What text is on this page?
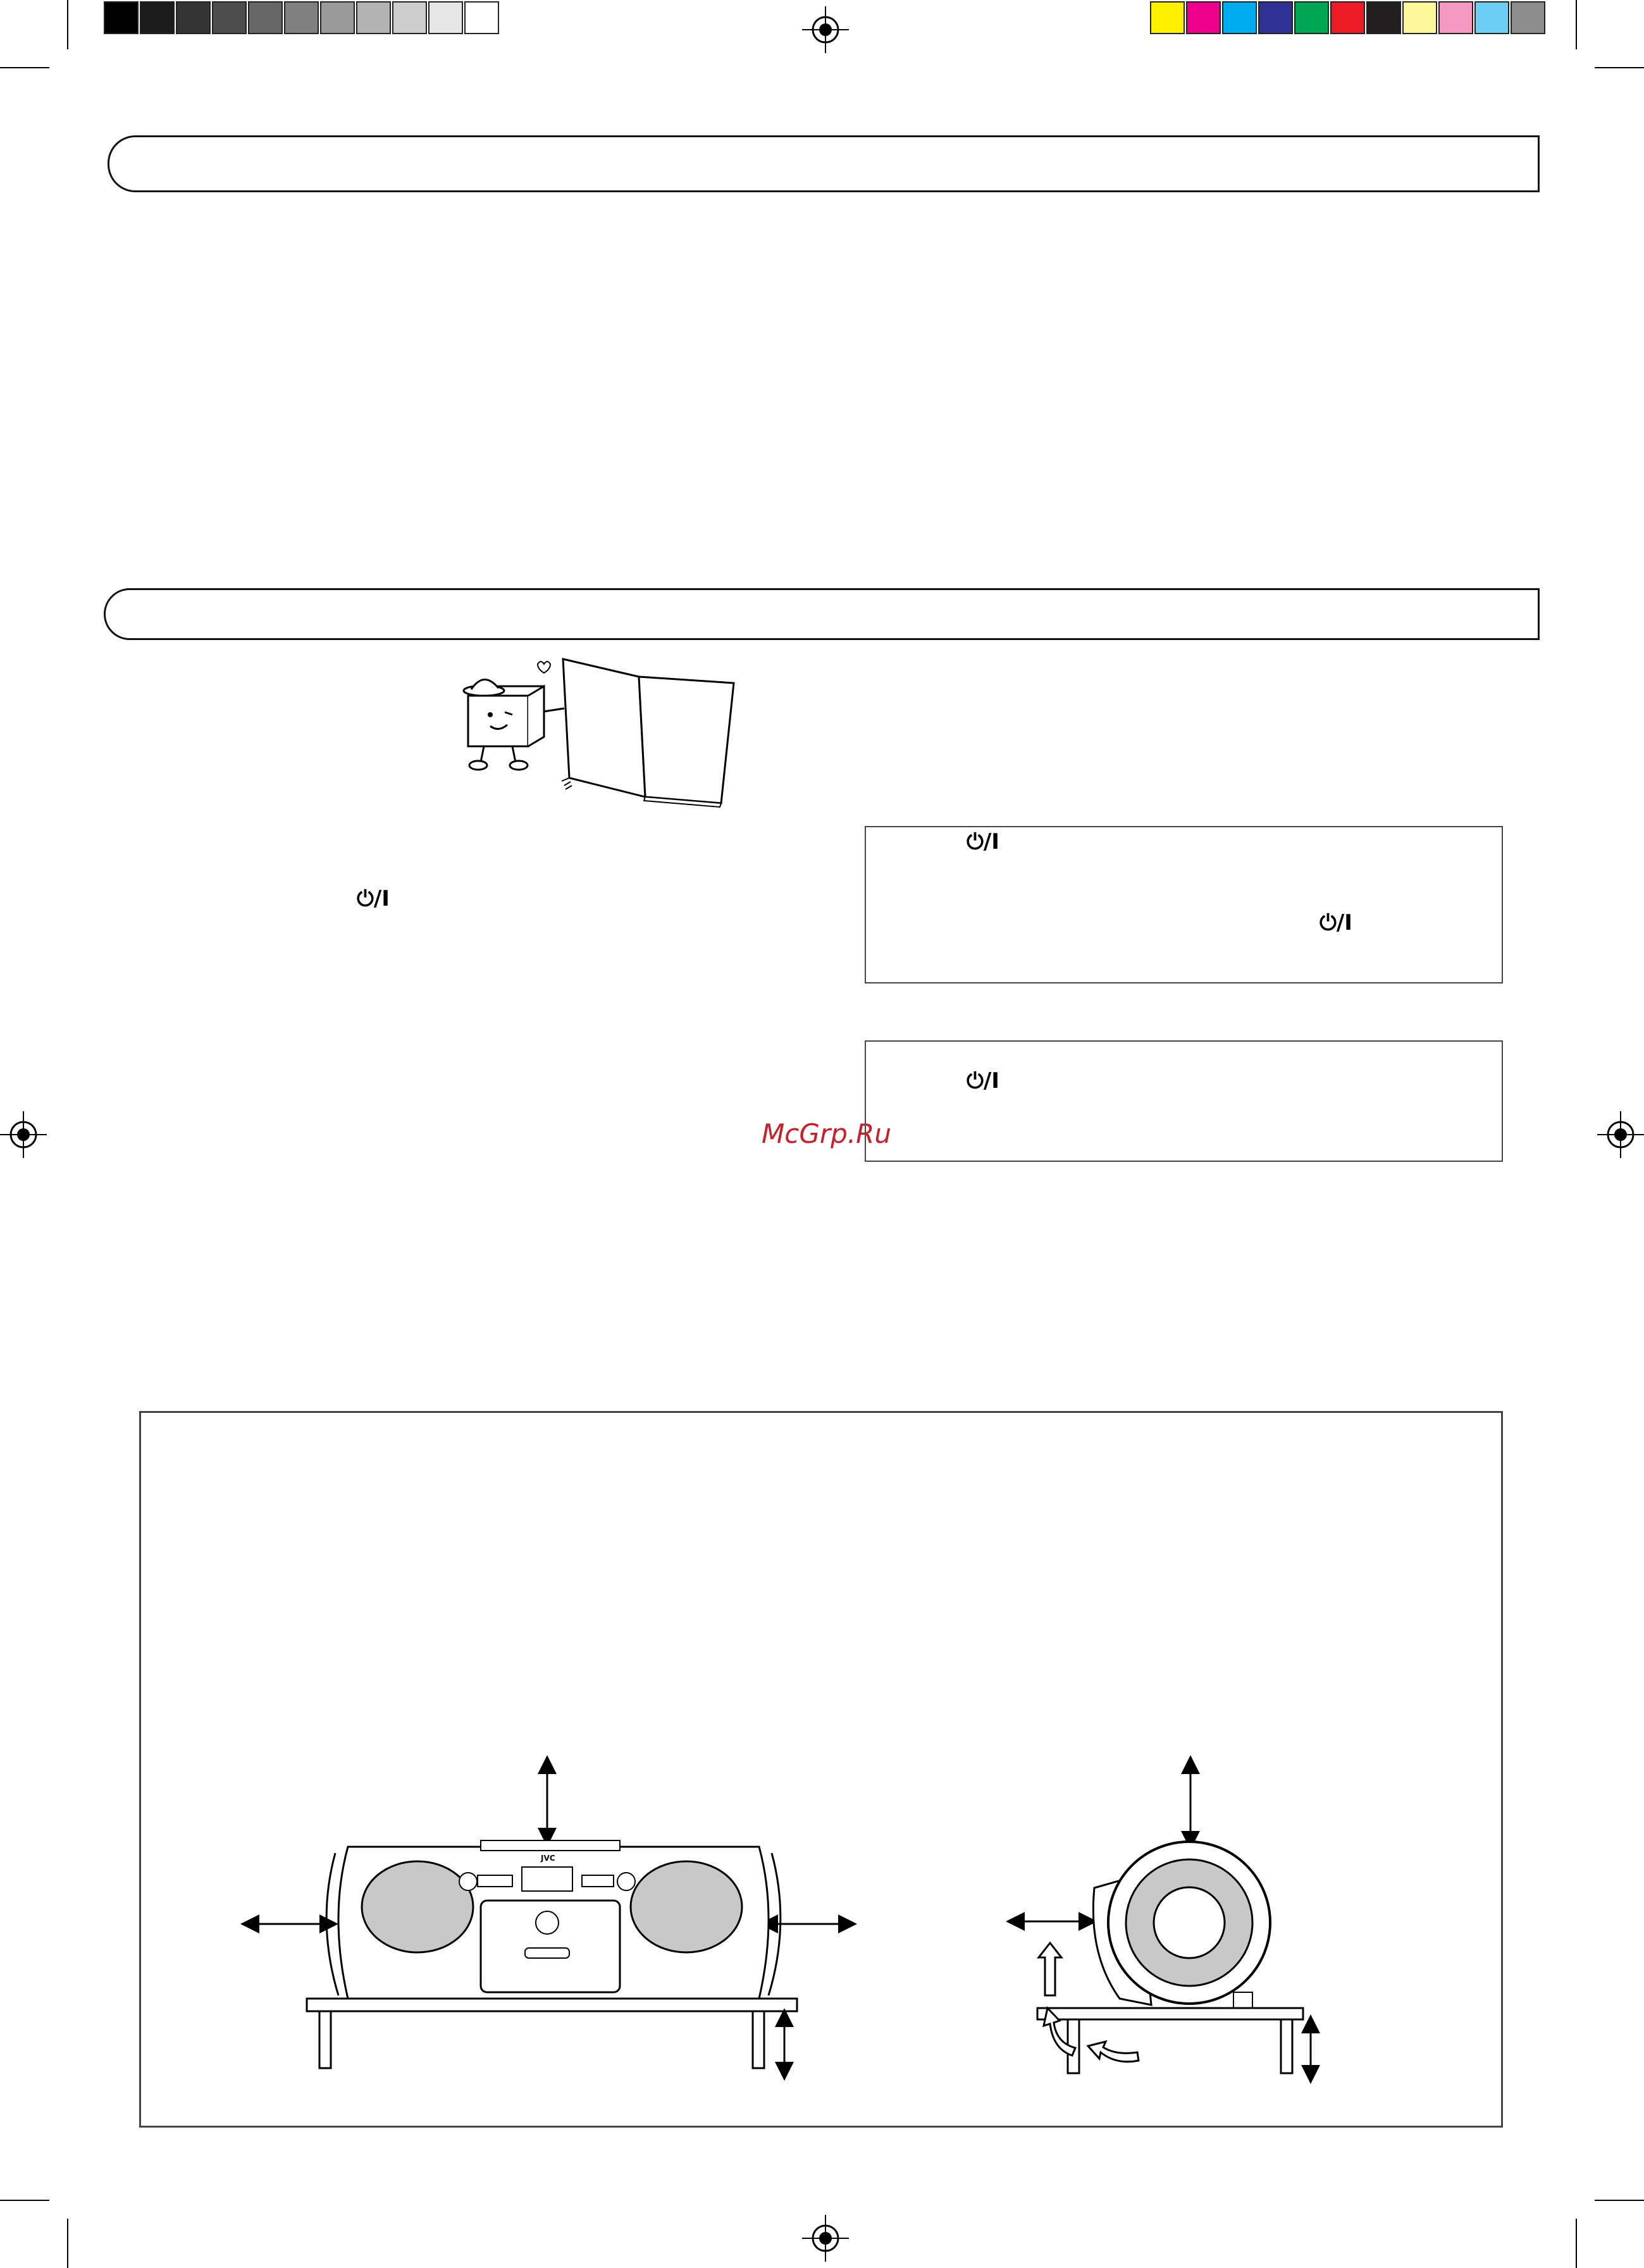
⏻/I
⏻/I
⏻/I
⏻/I
McGrp.Ru
JVC
